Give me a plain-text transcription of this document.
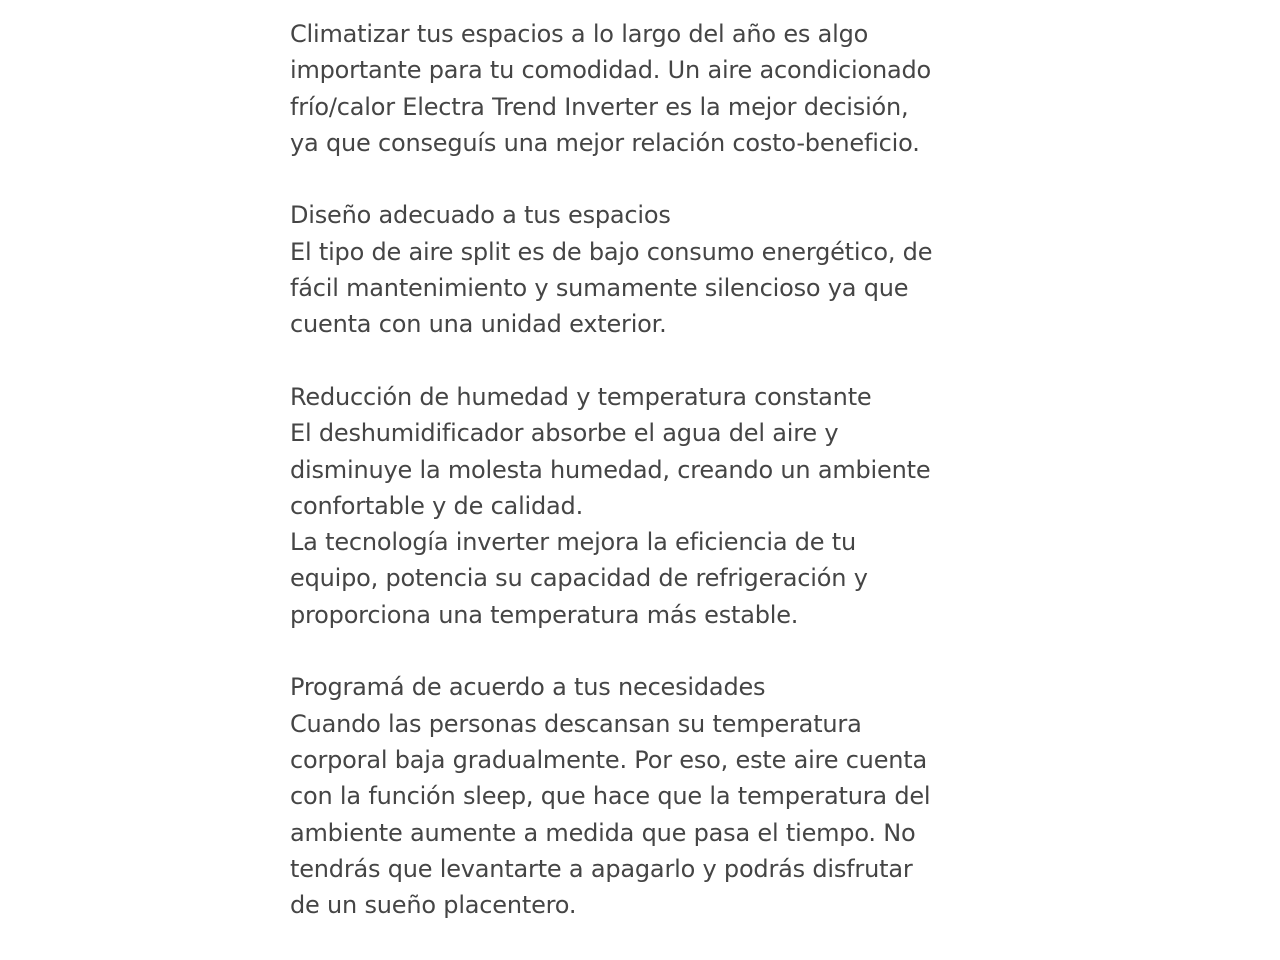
Climatizar tus espacios a lo largo del año es algo
importante para tu comodidad. Un aire acondicionado
frío/calor Electra Trend Inverter es la mejor decisión,
ya que conseguís una mejor relación costo-beneficio.
Diseño adecuado a tus espacios
El tipo de aire split es de bajo consumo energético, de
fácil mantenimiento y sumamente silencioso ya que
cuenta con una unidad exterior.
Reducción de humedad y temperatura constante
El deshumidificador absorbe el agua del aire y
disminuye la molesta humedad, creando un ambiente
confortable y de calidad.
La tecnología inverter mejora la eficiencia de tu
equipo, potencia su capacidad de refrigeración y
proporciona una temperatura más estable.
Programá de acuerdo a tus necesidades
Cuando las personas descansan su temperatura
corporal baja gradualmente. Por eso, este aire cuenta
con la función sleep, que hace que la temperatura del
ambiente aumente a medida que pasa el tiempo. No
tendrás que levantarte a apagarlo y podrás disfrutar
de un sueño placentero.
